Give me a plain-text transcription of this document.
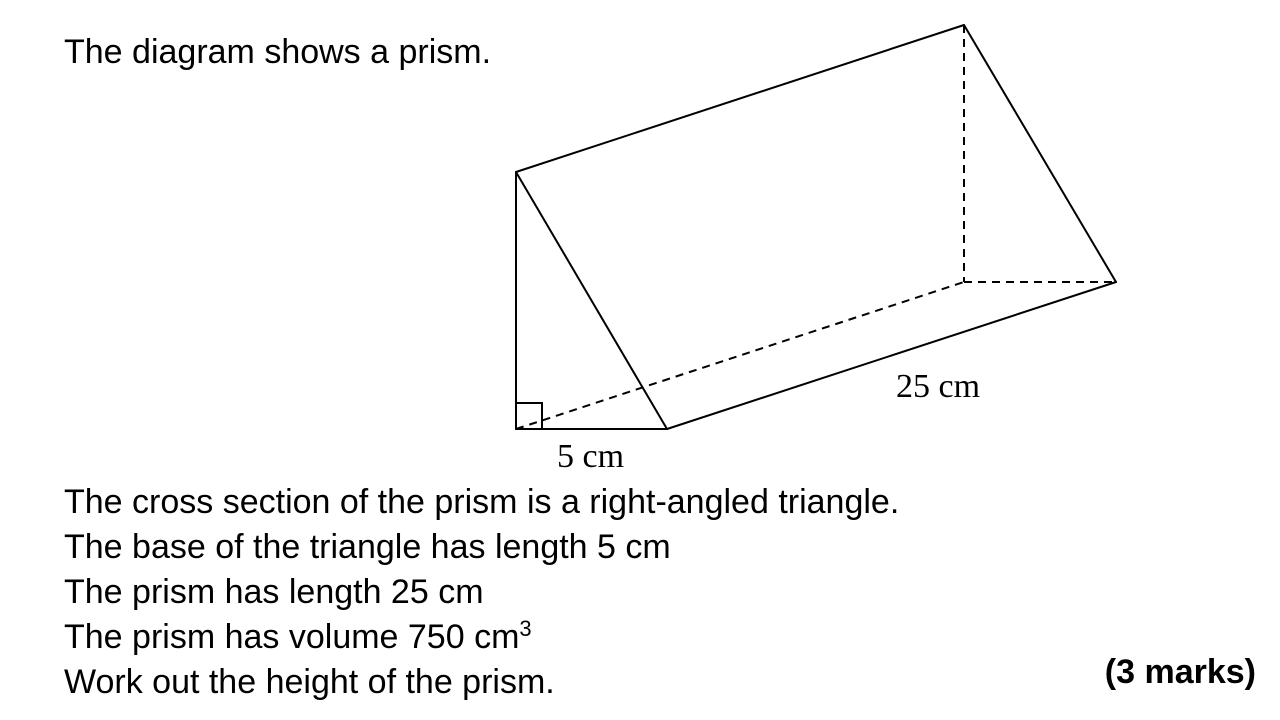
The diagram shows a prism.

5 cm
25 cm
The cross section of the prism is a right-angled triangle.
The base of the triangle has length 5 cm
The prism has length 25 cm
The prism has volume 750 $cm^3$
Work out the height of the prism.	(3 marks)
